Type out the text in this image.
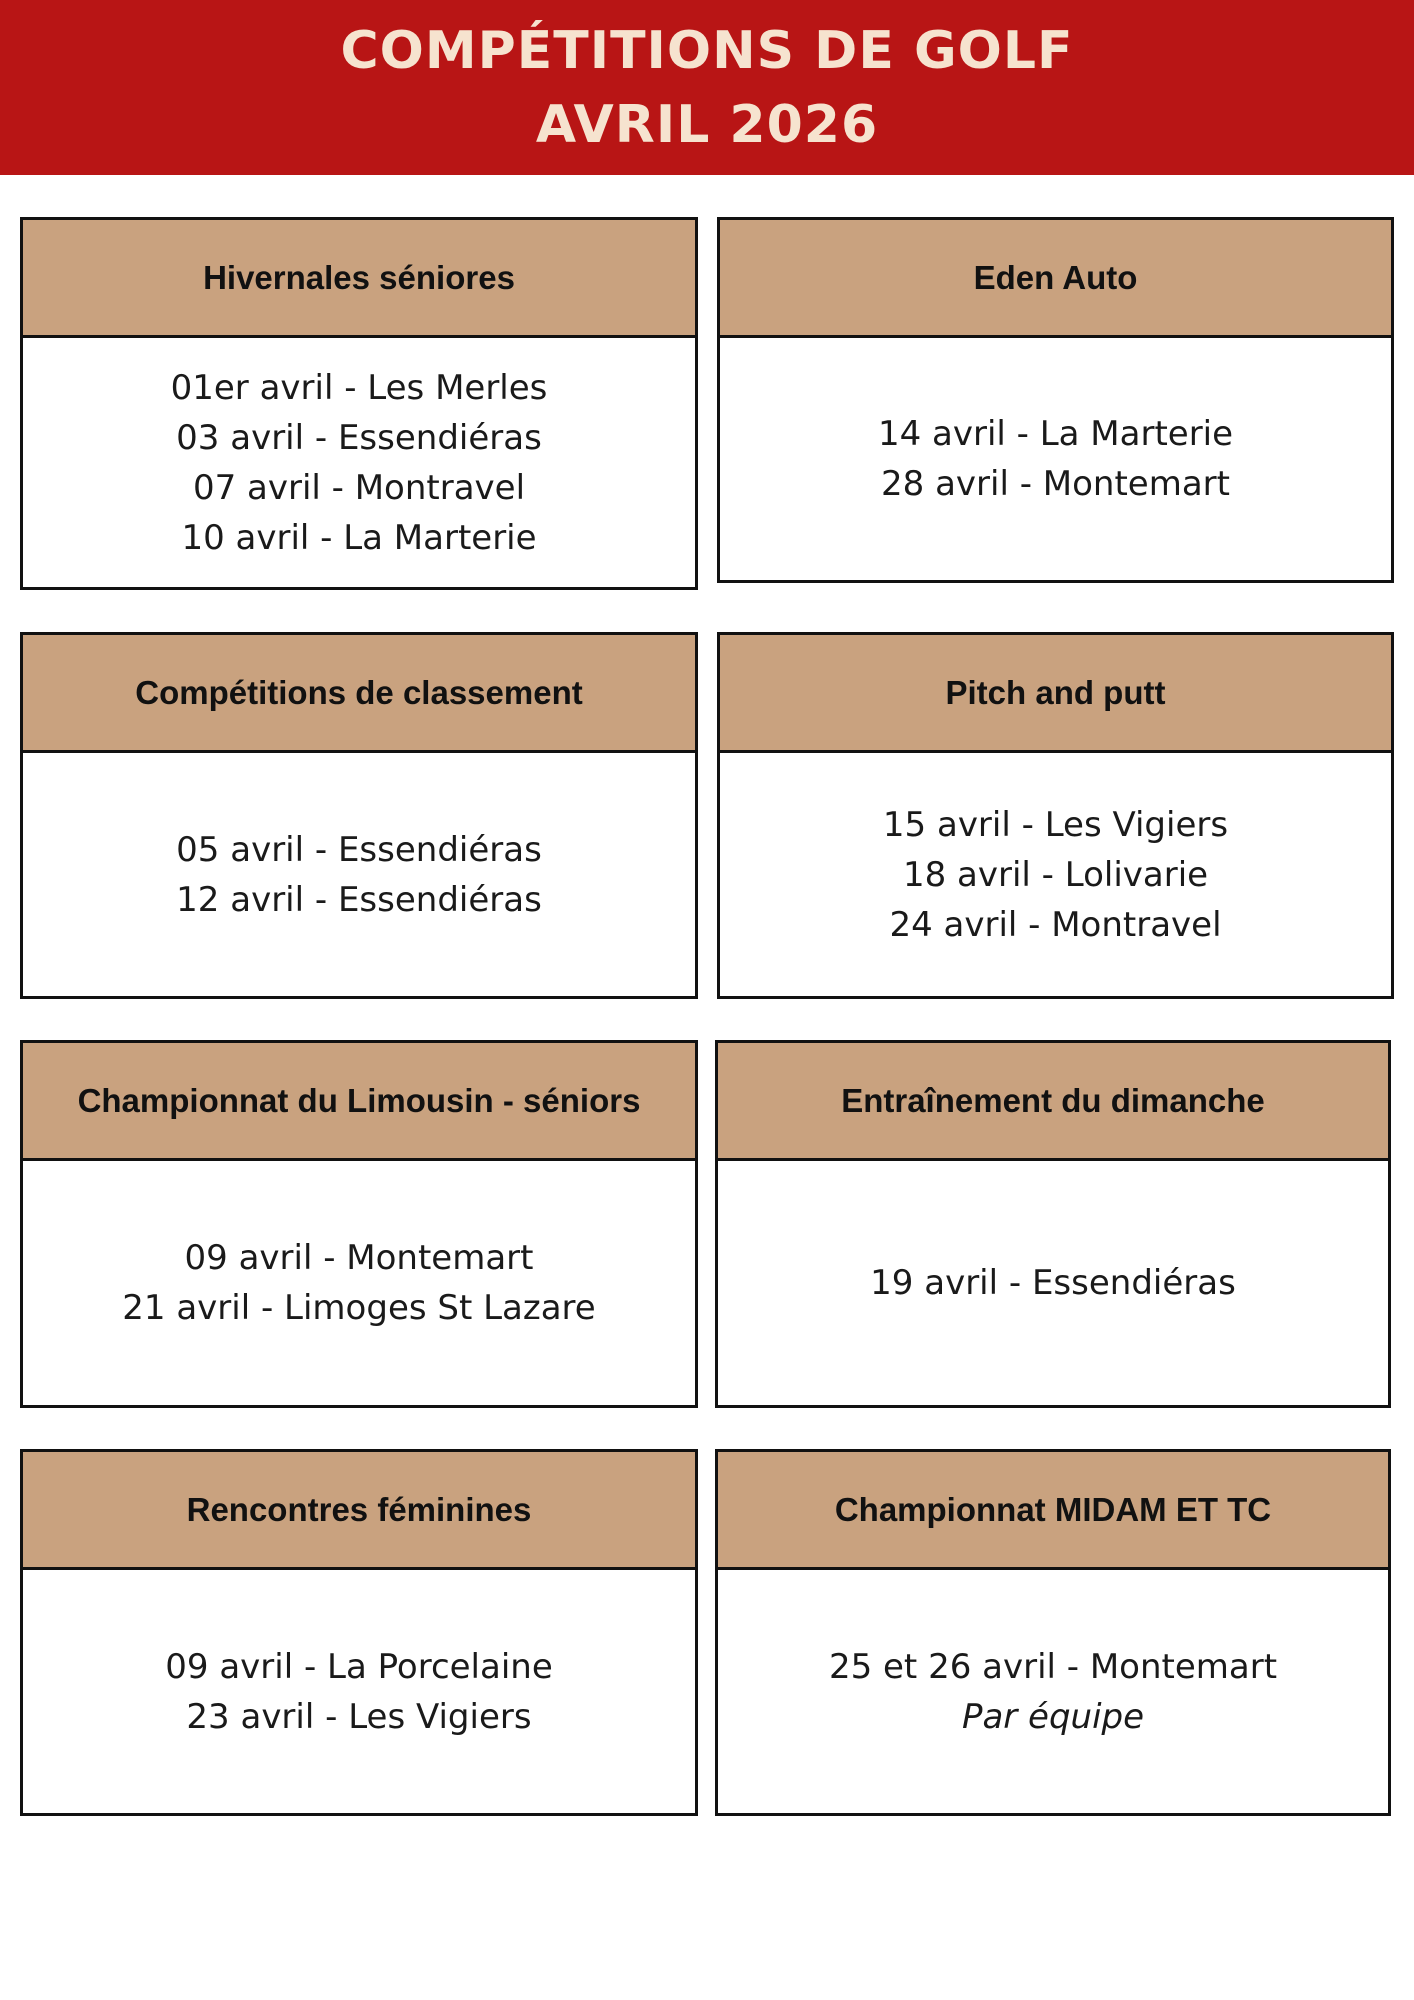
COMPÉTITIONS DE GOLF
AVRIL 2026
Hivernales séniores
01er avril - Les Merles
03 avril - Essendiéras
07 avril - Montravel
10 avril - La Marterie
Eden Auto
14 avril - La Marterie
28 avril - Montemart
Compétitions de classement
05 avril - Essendiéras
12 avril - Essendiéras
Pitch and putt
15 avril - Les Vigiers
18 avril - Lolivarie
24 avril - Montravel
Championnat du Limousin - séniors
09 avril - Montemart
21 avril - Limoges St Lazare
Entraînement du dimanche
19 avril - Essendiéras
Rencontres féminines
09 avril - La Porcelaine
23 avril - Les Vigiers
Championnat MIDAM ET TC
25 et 26 avril - Montemart
Par équipe
